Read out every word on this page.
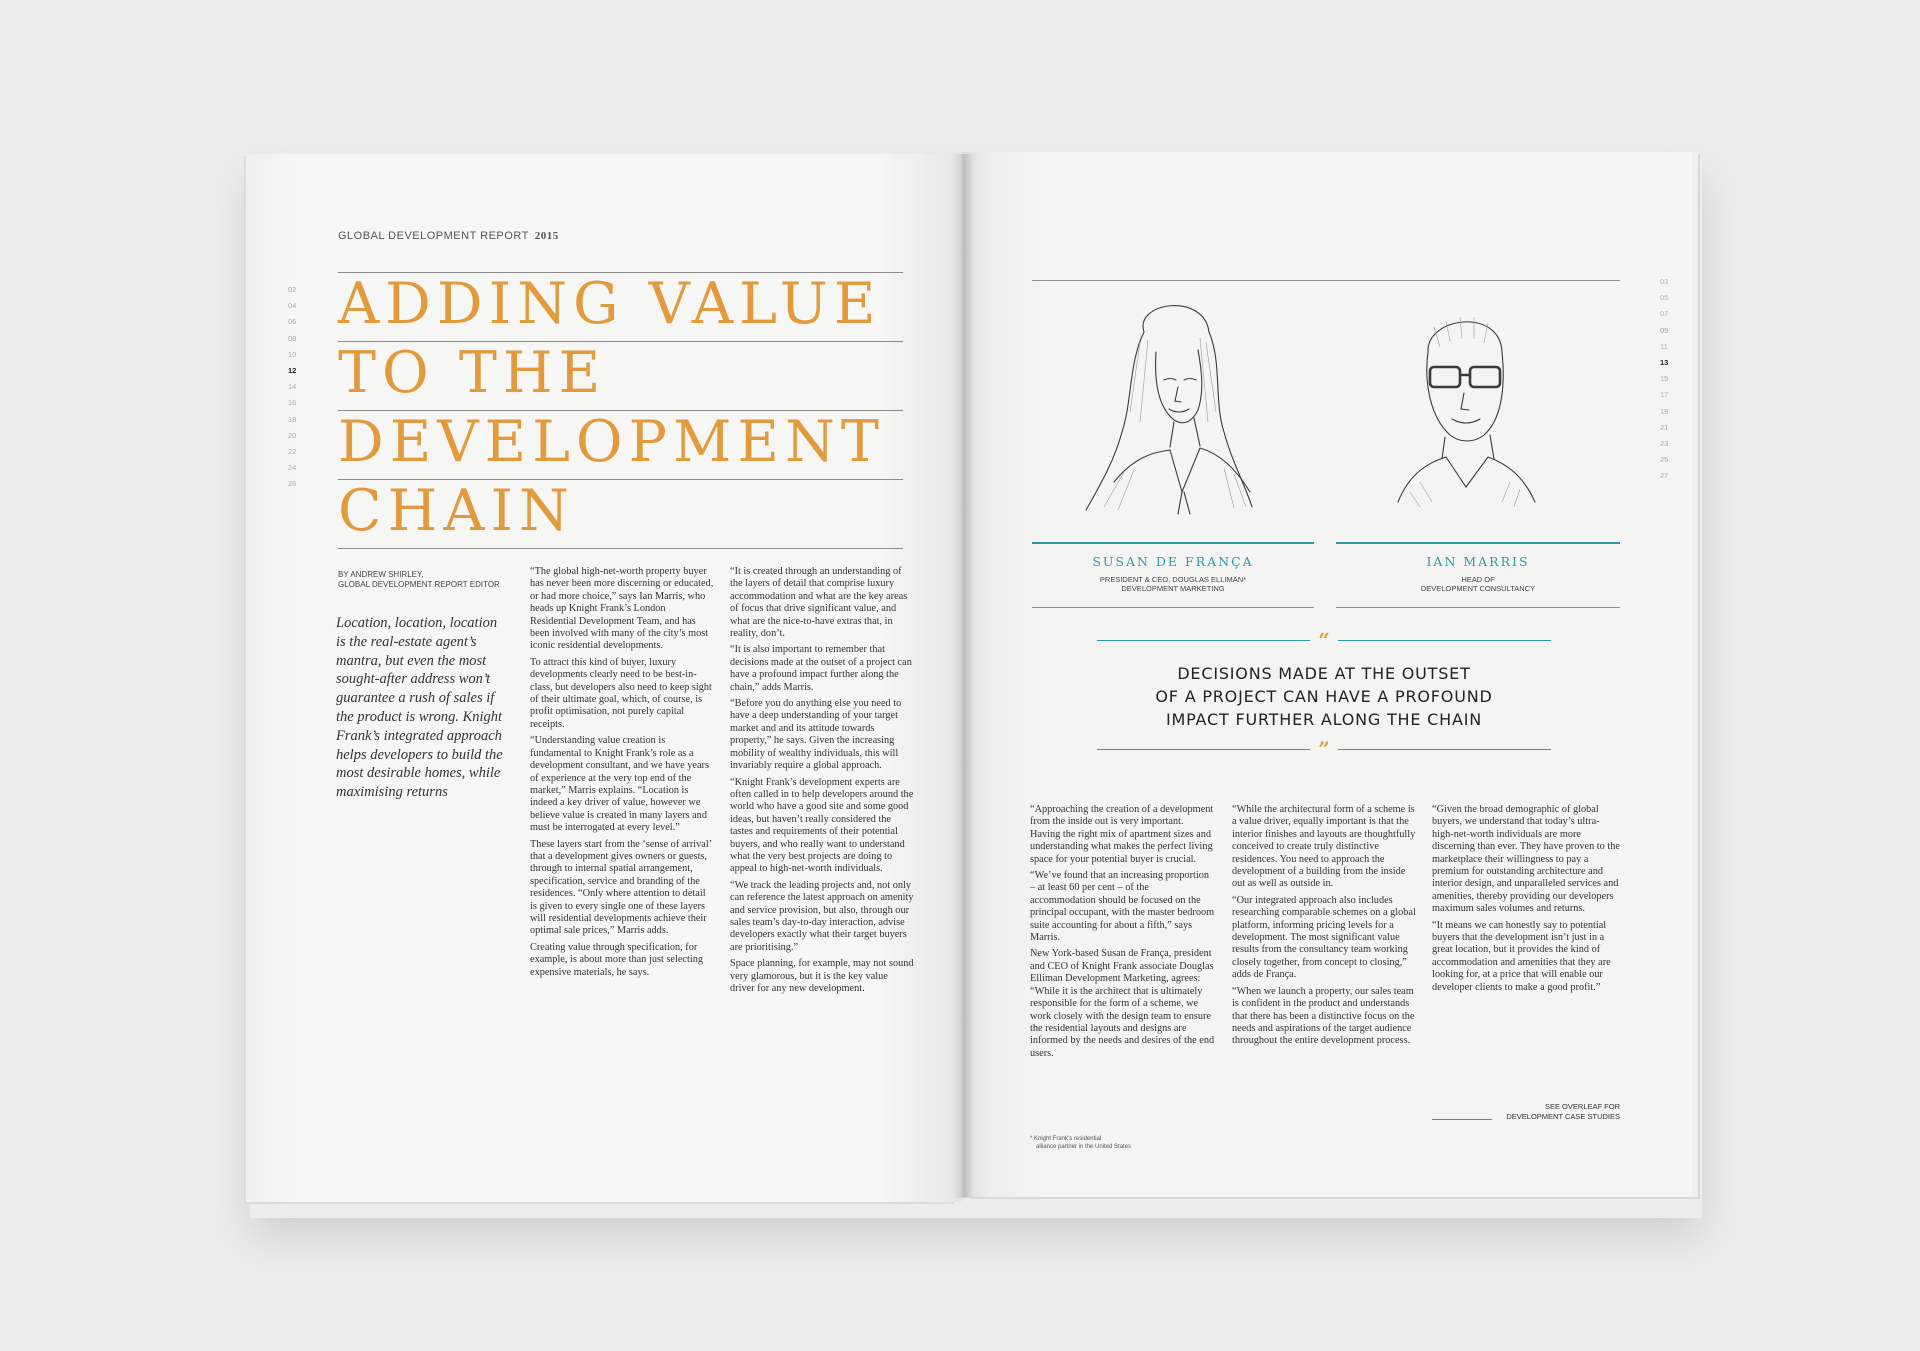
GLOBAL DEVELOPMENT REPORT 2015
02
04
06
08
10
12
14
16
18
20
22
24
26
ADDING VALUE
TO THE
DEVELOPMENT
CHAIN
BY ANDREW SHIRLEY,
GLOBAL DEVELOPMENT REPORT EDITOR
Location, location, location is the real-estate agent’s mantra, but even the most sought-after address won’t guarantee a rush of sales if the product is wrong. Knight Frank’s integrated approach helps developers to build the most desirable homes, while maximising returns

“The global high-net-worth property buyer has never been more discerning or educated, or had more choice,” says Ian Marris, who heads up Knight Frank’s London Residential Development Team, and has been involved with many of the city’s most iconic residential developments.

To attract this kind of buyer, luxury developments clearly need to be best-in-class, but developers also need to keep sight of their ultimate goal, which, of course, is profit optimisation, not purely capital receipts.

“Understanding value creation is fundamental to Knight Frank’s role as a development consultant, and we have years of experience at the very top end of the market,” Marris explains. “Location is indeed a key driver of value, however we believe value is created in many layers and must be interrogated at every level.”

These layers start from the ‘sense of arrival’ that a development gives owners or guests, through to internal spatial arrangement, specification, service and branding of the residences. “Only where attention to detail is given to every single one of these layers will residential developments achieve their optimal sale prices,” Marris adds.

Creating value through specification, for example, is about more than just selecting expensive materials, he says.

“It is created through an understanding of the layers of detail that comprise luxury accommodation and what are the key areas of focus that drive significant value, and what are the nice-to-have extras that, in reality, don’t.

“It is also important to remember that decisions made at the outset of a project can have a profound impact further along the chain,” adds Marris.

“Before you do anything else you need to have a deep understanding of your target market and and its attitude towards property,” he says. Given the increasing mobility of wealthy individuals, this will invariably require a global approach.

“Knight Frank’s development experts are often called in to help developers around the world who have a good site and some good ideas, but haven’t really considered the tastes and requirements of their potential buyers, and who really want to understand what the very best projects are doing to appeal to high-net-worth individuals.

“We track the leading projects and, not only can reference the latest approach on amenity and service provision, but also, through our sales team’s day-to-day interaction, advise developers exactly what their target buyers are prioritising.”

Space planning, for example, may not sound very glamorous, but it is the key value driver for any new development.

03
05
07
09
11
13
15
17
19
21
23
25
27
SUSAN DE FRANÇA
PRESIDENT & CEO, DOUGLAS ELLIMAN*
DEVELOPMENT MARKETING
IAN MARRIS
HEAD OF
DEVELOPMENT CONSULTANCY
“
DECISIONS MADE AT THE OUTSET
OF A PROJECT CAN HAVE A PROFOUND
IMPACT FURTHER ALONG THE CHAIN
”

“Approaching the creation of a development from the inside out is very important. Having the right mix of apartment sizes and understanding what makes the perfect living space for your potential buyer is crucial.

“We’ve found that an increasing proportion – at least 60 per cent – of the accommodation should be focused on the principal occupant, with the master bedroom suite accounting for about a fifth,” says Marris.

New York-based Susan de França, president and CEO of Knight Frank associate Douglas Elliman Development Marketing, agrees: “While it is the architect that is ultimately responsible for the form of a scheme, we work closely with the design team to ensure the residential layouts and designs are informed by the needs and desires of the end users.

“While the architectural form of a scheme is a value driver, equally important is that the interior finishes and layouts are thoughtfully conceived to create truly distinctive residences. You need to approach the development of a building from the inside out as well as outside in.

“Our integrated approach also includes researching comparable schemes on a global platform, informing pricing levels for a development. The most significant value results from the consultancy team working closely together, from concept to closing,” adds de França.

“When we launch a property, our sales team is confident in the product and understands that there has been a distinctive focus on the needs and aspirations of the target audience throughout the entire development process.

“Given the broad demographic of global buyers, we understand that today’s ultra-high-net-worth individuals are more discerning than ever. They have proven to the marketplace their willingness to pay a premium for outstanding architecture and interior design, and unparalleled services and amenities, thereby providing our developers maximum sales volumes and returns.

“It means we can honestly say to potential buyers that the development isn’t just in a great location, but it provides the kind of accommodation and amenities that they are looking for, at a price that will enable our developer clients to make a good profit.”

* Knight Frank’s residential
alliance partner in the United States
SEE OVERLEAF FOR
DEVELOPMENT CASE STUDIES
